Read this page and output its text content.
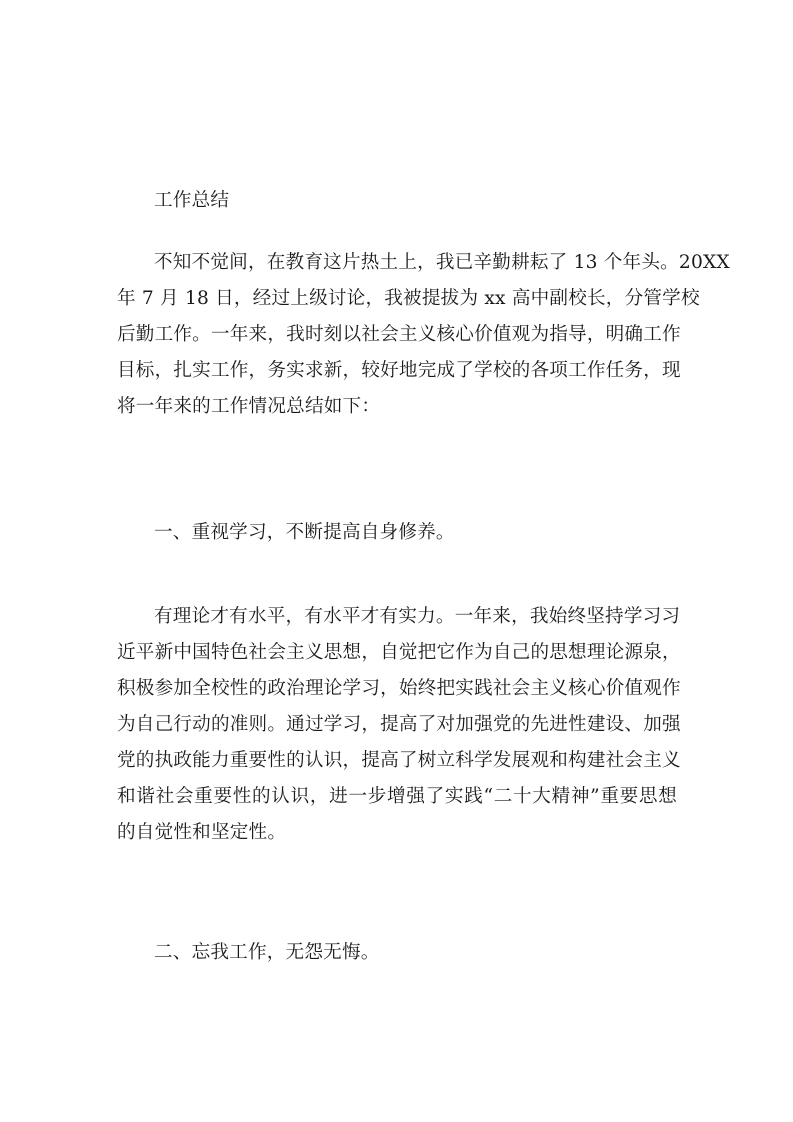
工作总结
不知不觉间，在教育这片热土上，我已辛勤耕耘了 13 个年头。20XX
年 7 月 18 日，经过上级讨论，我被提拔为 xx 高中副校长，分管学校
后勤工作。一年来，我时刻以社会主义核心价值观为指导，明确工作
目标，扎实工作，务实求新，较好地完成了学校的各项工作任务，现
将一年来的工作情况总结如下：
一、重视学习，不断提高自身修养。
有理论才有水平，有水平才有实力。一年来，我始终坚持学习习
近平新中国特色社会主义思想，自觉把它作为自己的思想理论源泉，
积极参加全校性的政治理论学习，始终把实践社会主义核心价值观作
为自己行动的准则。通过学习，提高了对加强党的先进性建设、加强
党的执政能力重要性的认识，提高了树立科学发展观和构建社会主义
和谐社会重要性的认识，进一步增强了实践“二十大精神”重要思想
的自觉性和坚定性。
二、忘我工作，无怨无悔。
